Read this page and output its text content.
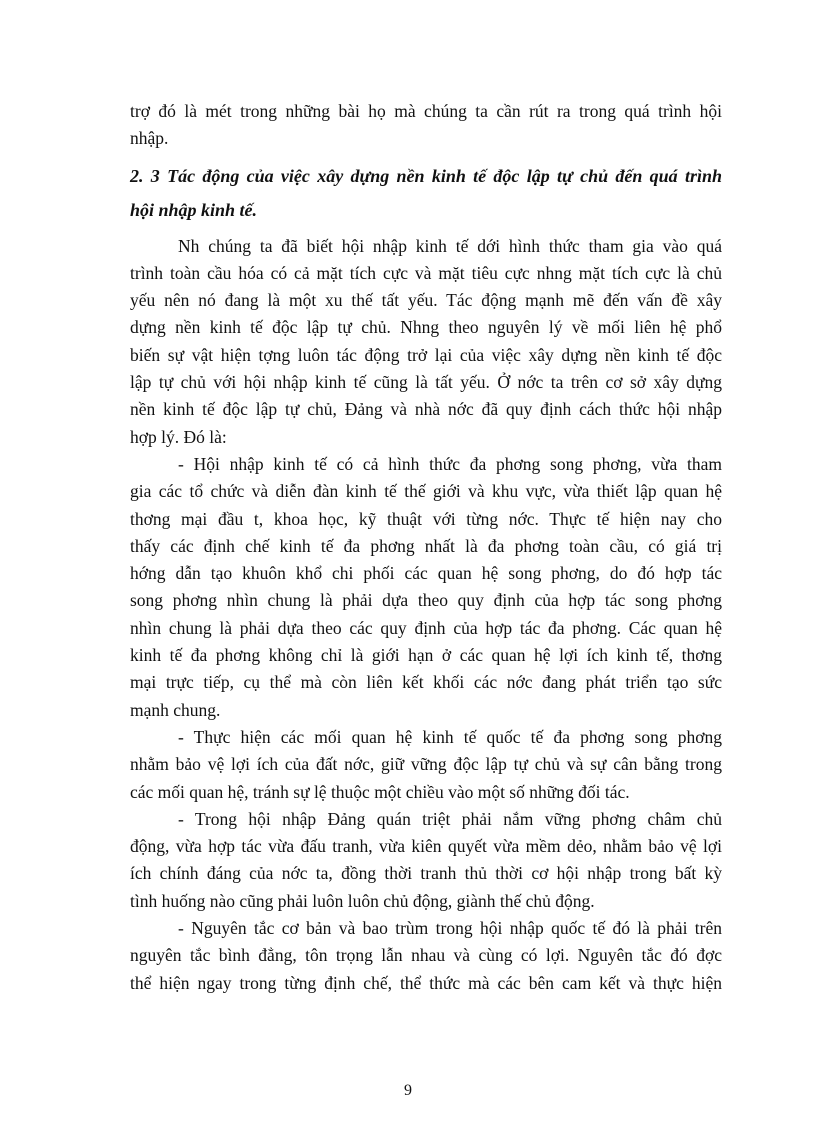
trợ đó là mét trong những bài họ mà chúng ta cần rút ra trong quá trình hội
nhập.
2. 3 Tác động của việc xây dựng nền kinh tế độc lập tự chủ đến quá trình
hội nhập kinh tế.
Nh chúng ta đã biết hội nhập kinh tế dới hình thức tham gia vào quá
trình toàn cầu hóa có cả mặt tích cực và mặt tiêu cực nhng mặt tích cực là chủ
yếu nên nó đang là một xu thế tất yếu. Tác động mạnh mẽ đến vấn đề xây
dựng nền kinh tế độc lập tự chủ. Nhng theo nguyên lý về mối liên hệ phổ
biến sự vật hiện tợng luôn tác động trở lại của việc xây dựng nền kinh tế độc
lập tự chủ với hội nhập kinh tế cũng là tất yếu. Ở nớc ta trên cơ sở xây dựng
nền kinh tế độc lập tự chủ, Đảng và nhà nớc đã quy định cách thức hội nhập
hợp lý. Đó là:
- Hội nhập kinh tế có cả hình thức đa phơng song phơng, vừa tham
gia các tổ chức và diễn đàn kinh tế thế giới và khu vực, vừa thiết lập quan hệ
thơng mại đầu t, khoa học, kỹ thuật với từng nớc. Thực tế hiện nay cho
thấy các định chế kinh tế đa phơng nhất là đa phơng toàn cầu, có giá trị
hớng dẫn tạo khuôn khổ chi phối các quan hệ song phơng, do đó hợp tác
song phơng nhìn chung là phải dựa theo quy định của hợp tác song phơng
nhìn chung là phải dựa theo các quy định của hợp tác đa phơng. Các quan hệ
kinh tế đa phơng không chỉ là giới hạn ở các quan hệ lợi ích kinh tế, thơng
mại trực tiếp, cụ thể mà còn liên kết khối các nớc đang phát triển tạo sức
mạnh chung.
- Thực hiện các mối quan hệ kinh tế quốc tế đa phơng song phơng
nhằm bảo vệ lợi ích của đất nớc, giữ vững độc lập tự chủ và sự cân bằng trong
các mối quan hệ, tránh sự lệ thuộc một chiều vào một số những đối tác.
- Trong hội nhập Đảng quán triệt phải nắm vững phơng châm chủ
động, vừa hợp tác vừa đấu tranh, vừa kiên quyết vừa mềm dẻo, nhằm bảo vệ lợi
ích chính đáng của nớc ta, đồng thời tranh thủ thời cơ hội nhập trong bất kỳ
tình huống nào cũng phải luôn luôn chủ động, giành thế chủ động.
- Nguyên tắc cơ bản và bao trùm trong hội nhập quốc tế đó là phải trên
nguyên tắc bình đẳng, tôn trọng lẫn nhau và cùng có lợi. Nguyên tắc đó đợc
thể hiện ngay trong từng định chế, thể thức mà các bên cam kết và thực hiện
9
